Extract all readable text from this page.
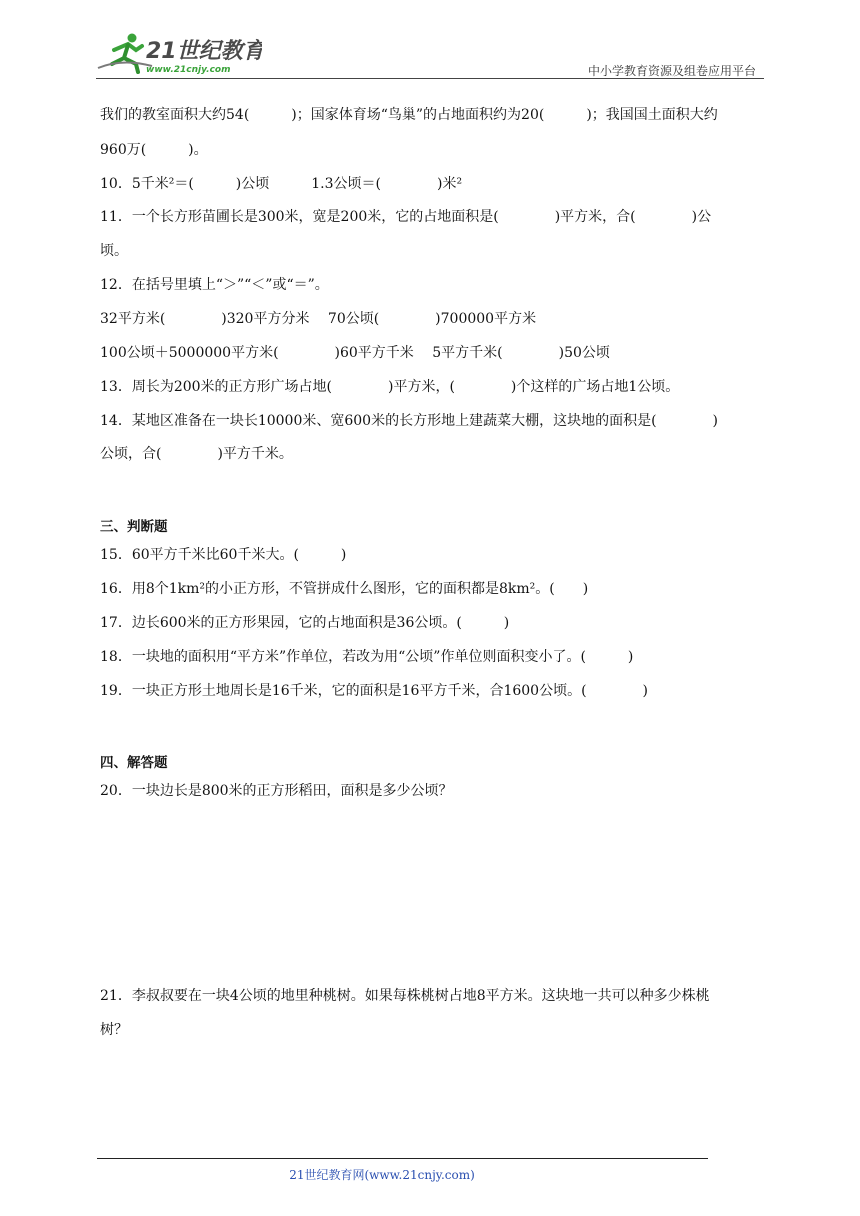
21世纪教育
www.21cnjy.com	中小学教育资源及组卷应用平台
我们的教室面积大约54(　　　)；国家体育场“鸟巢”的占地面积约为20(　　　)；我国国土面积大约
960万(　　　)。
10．5千米²＝(　　　)公顷　　　1.3公顷＝(　　　　)米²
11．一个长方形苗圃长是300米，宽是200米，它的占地面积是(　　　　)平方米，合(　　　　)公
顷。
12．在括号里填上“＞”“＜”或“＝”。
32平方米(　　　　)320平方分米　 70公顷(　　　　)700000平方米
100公顷＋5000000平方米(　　　　)60平方千米　 5平方千米(　　　　)50公顷
13．周长为200米的正方形广场占地(　　　　)平方米，(　　　　)个这样的广场占地1公顷。
14．某地区准备在一块长10000米、宽600米的长方形地上建蔬菜大棚，这块地的面积是(　　　　)
公顷，合(　　　　)平方千米。
三、判断题
15．60平方千米比60千米大。(　　　)
16．用8个1km²的小正方形，不管拼成什么图形，它的面积都是8km²。(　　)
17．边长600米的正方形果园，它的占地面积是36公顷。(　　　)
18．一块地的面积用“平方米”作单位，若改为用“公顷”作单位则面积变小了。(　　　)
19．一块正方形土地周长是16千米，它的面积是16平方千米，合1600公顷。(　　　　)
四、解答题
20．一块边长是800米的正方形稻田，面积是多少公顷？
21．李叔叔要在一块4公顷的地里种桃树。如果每株桃树占地8平方米。这块地一共可以种多少株桃
树？
21世纪教育网(www.21cnjy.com)
